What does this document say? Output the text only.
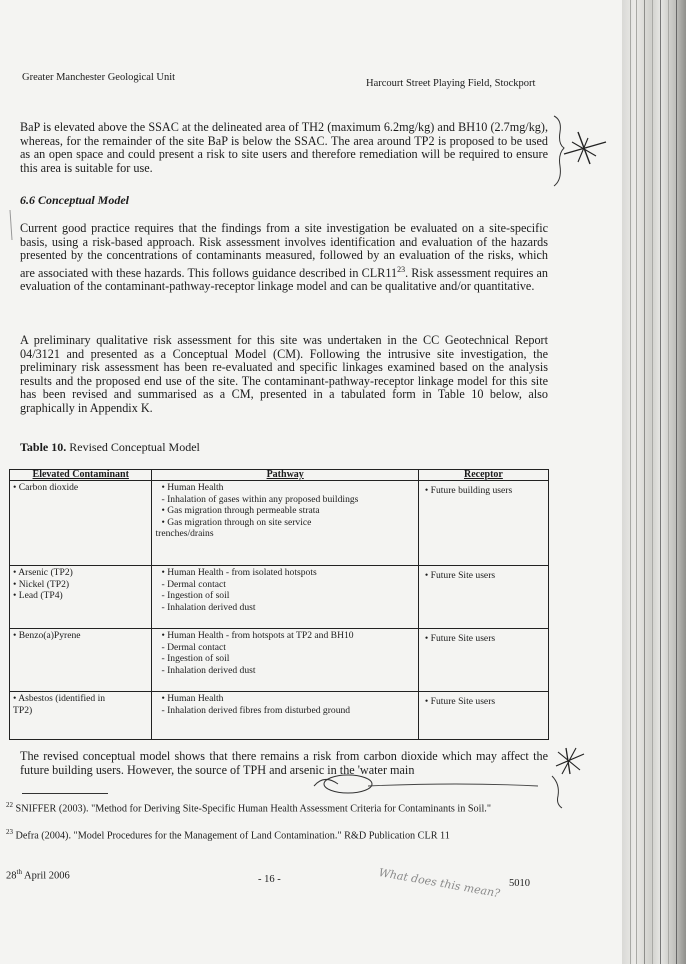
Greater Manchester Geological Unit
Harcourt Street Playing Field, Stockport

BaP is elevated above the SSAC at the delineated area of TH2 (maximum 6.2mg/kg) and BH10 (2.7mg/kg), whereas, for the remainder of the site BaP is below the SSAC. The area around TP2 is proposed to be used as an open space and could present a risk to site users and therefore remediation will be required to ensure this area is suitable for use.

6.6 Conceptual Model

Current good practice requires that the findings from a site investigation be evaluated on a site-specific basis, using a risk-based approach. Risk assessment involves identification and evaluation of the hazards presented by the concentrations of contaminants measured, followed by an evaluation of the risks, which are associated with these hazards. This follows guidance described in $CLR11^{23}$. Risk assessment requires an evaluation of the contaminant-pathway-receptor linkage model and can be qualitative and/or quantitative.

A preliminary qualitative risk assessment for this site was undertaken in the CC Geotechnical Report 04/3121 and presented as a Conceptual Model (CM). Following the intrusive site investigation, the preliminary risk assessment has been re-evaluated and specific linkages examined based on the analysis results and the proposed end use of the site. The contaminant-pathway-receptor linkage model for this site has been revised and summarised as a CM, presented in a tabulated form in Table 10 below, also graphically in Appendix K.

Table 10. Revised Conceptual Model
Elevated Contaminant	Pathway	Receptor

• Carbon dioxide	• Human Health
- Inhalation of gases within any proposed buildings
• Gas migration through permeable strata
• Gas migration through on site service
trenches/drains	• Future building users

• Arsenic (TP2)
• Nickel (TP2)
• Lead (TP4)	• Human Health - from isolated hotspots
- Dermal contact
- Ingestion of soil
- Inhalation derived dust	• Future Site users

• Benzo(a)Pyrene	• Human Health - from hotspots at TP2 and BH10
- Dermal contact
- Ingestion of soil
- Inhalation derived dust	• Future Site users

• Asbestos (identified in
TP2)	• Human Health
- Inhalation derived fibres from disturbed ground	• Future Site users

The revised conceptual model shows that there remains a risk from carbon dioxide which may affect the future building users. However, the source of TPH and arsenic in the 'water main

$^{22}$ SNIFFER (2003). "Method for Deriving Site-Specific Human Health Assessment Criteria for Contaminants in Soil."
$^{23}$ Defra (2004). "Model Procedures for the Management of Land Contamination." R&D Publication CLR 11
28th April 2006	- 16 -	5010
What does this mean?
